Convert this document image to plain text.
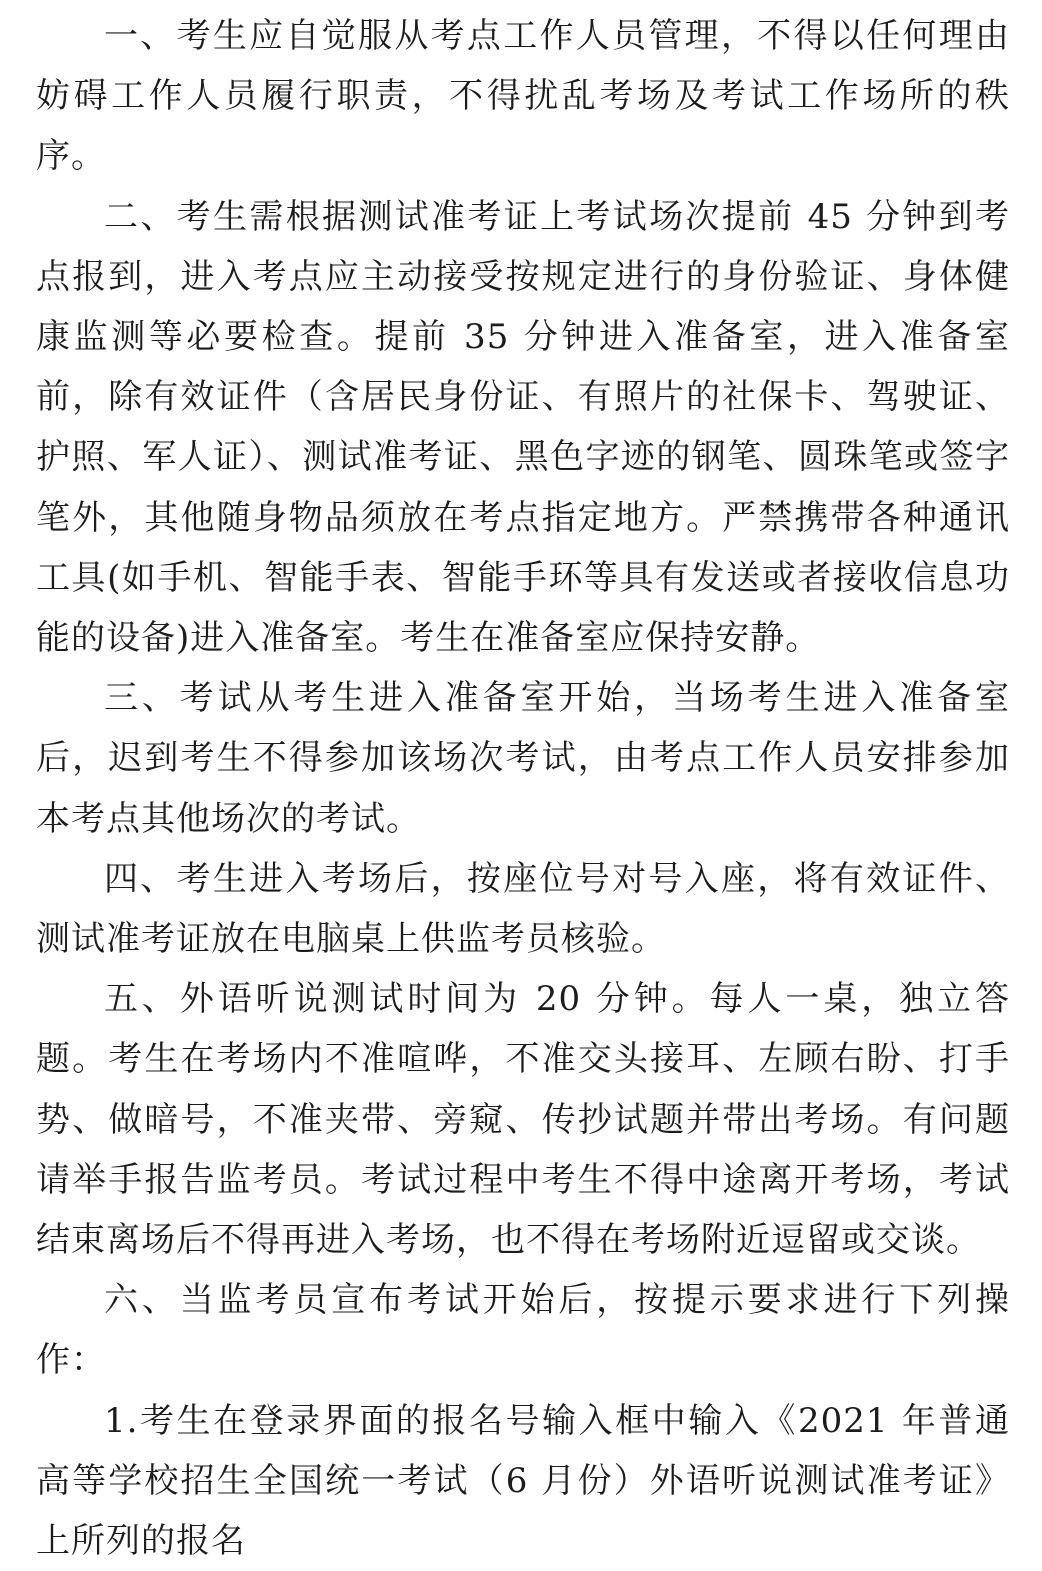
一、考生应自觉服从考点工作人员管理，不得以任何理由妨碍工作人员履行职责，不得扰乱考场及考试工作场所的秩序。

二、考生需根据测试准考证上考试场次提前 45 分钟到考点报到，进入考点应主动接受按规定进行的身份验证、身体健康监测等必要检查。提前 35 分钟进入准备室，进入准备室前，除有效证件（含居民身份证、有照片的社保卡、驾驶证、护照、军人证）、测试准考证、黑色字迹的钢笔、圆珠笔或签字笔外，其他随身物品须放在考点指定地方。严禁携带各种通讯工具(如手机、智能手表、智能手环等具有发送或者接收信息功能的设备)进入准备室。考生在准备室应保持安静。

三、考试从考生进入准备室开始，当场考生进入准备室后，迟到考生不得参加该场次考试，由考点工作人员安排参加本考点其他场次的考试。

四、考生进入考场后，按座位号对号入座，将有效证件、测试准考证放在电脑桌上供监考员核验。

五、外语听说测试时间为 20 分钟。每人一桌，独立答题。考生在考场内不准喧哗，不准交头接耳、左顾右盼、打手势、做暗号，不准夹带、旁窥、传抄试题并带出考场。有问题请举手报告监考员。考试过程中考生不得中途离开考场，考试结束离场后不得再进入考场，也不得在考场附近逗留或交谈。

六、当监考员宣布考试开始后，按提示要求进行下列操作：

1.考生在登录界面的报名号输入框中输入《2021 年普通高等学校招生全国统一考试（6 月份）外语听说测试准考证》上所列的报名
